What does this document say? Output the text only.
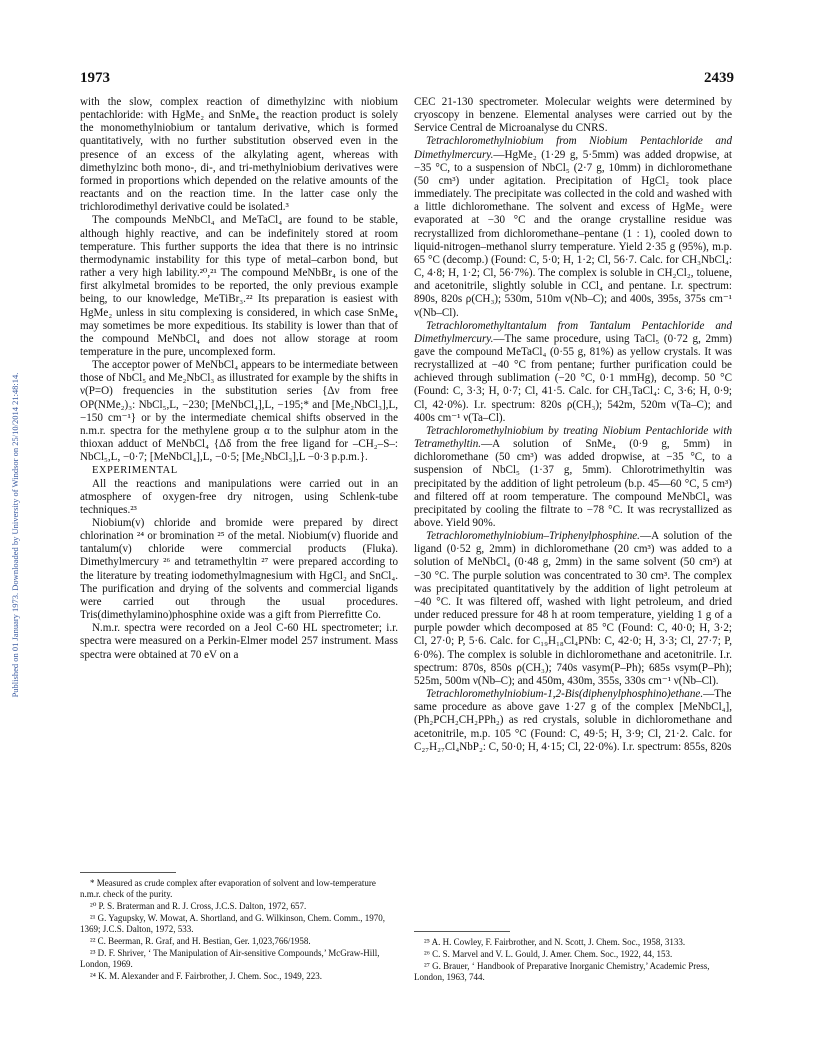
1973	2439
Published on 01 January 1973. Downloaded by University of Windsor on 25/10/2014 21:48:14.

with the slow, complex reaction of dimethylzinc with niobium pentachloride: with HgMe₂ and SnMe₄ the reaction product is solely the monomethylniobium or tantalum derivative, which is formed quantitatively, with no further substitution observed even in the presence of an excess of the alkylating agent, whereas with dimethylzinc both mono-, di-, and tri-methylniobium derivatives were formed in proportions which depended on the relative amounts of the reactants and on the reaction time. In the latter case only the trichlorodimethyl derivative could be isolated.³

The compounds MeNbCl₄ and MeTaCl₄ are found to be stable, although highly reactive, and can be indefinitely stored at room temperature. This further supports the idea that there is no intrinsic thermodynamic instability for this type of metal–carbon bond, but rather a very high lability.²⁰,²¹ The compound MeNbBr₄ is one of the first alkylmetal bromides to be reported, the only previous example being, to our knowledge, MeTiBr₃.²² Its preparation is easiest with HgMe₂ unless in situ complexing is considered, in which case SnMe₄ may sometimes be more expeditious. Its stability is lower than that of the compound MeNbCl₄ and does not allow storage at room temperature in the pure, uncomplexed form.

The acceptor power of MeNbCl₄ appears to be intermediate between those of NbCl₅ and Me₂NbCl₃ as illustrated for example by the shifts in ν(P=O) frequencies in the substitution series {Δν from free OP(NMe₂)₃: NbCl₅,L, −230; [MeNbCl₄],L, −195;* and [Me₂NbCl₃],L, −150 cm⁻¹} or by the intermediate chemical shifts observed in the n.m.r. spectra for the methylene group α to the sulphur atom in the thioxan adduct of MeNbCl₄ {Δδ from the free ligand for –CH₂–S–: NbCl₅,L, −0·7; [MeNbCl₄],L, −0·5; [Me₂NbCl₃],L −0·3 p.p.m.}.

EXPERIMENTAL

All the reactions and manipulations were carried out in an atmosphere of oxygen-free dry nitrogen, using Schlenk-tube techniques.²³

Niobium(v) chloride and bromide were prepared by direct chlorination ²⁴ or bromination ²⁵ of the metal. Niobium(v) fluoride and tantalum(v) chloride were commercial products (Fluka). Dimethylmercury ²⁶ and tetramethyltin ²⁷ were prepared according to the literature by treating iodomethylmagnesium with HgCl₂ and SnCl₄. The purification and drying of the solvents and commercial ligands were carried out through the usual procedures. Tris(dimethylamino)phosphine oxide was a gift from Pierrefitte Co.

N.m.r. spectra were recorded on a Jeol C-60 HL spectrometer; i.r. spectra were measured on a Perkin-Elmer model 257 instrument. Mass spectra were obtained at 70 eV on a

CEC 21-130 spectrometer. Molecular weights were determined by cryoscopy in benzene. Elemental analyses were carried out by the Service Central de Microanalyse du CNRS.

Tetrachloromethylniobium from Niobium Pentachloride and Dimethylmercury.—HgMe₂ (1·29 g, 5·5mm) was added dropwise, at −35 °C, to a suspension of NbCl₅ (2·7 g, 10mm) in dichloromethane (50 cm³) under agitation. Precipitation of HgCl₂ took place immediately. The precipitate was collected in the cold and washed with a little dichloromethane. The solvent and excess of HgMe₂ were evaporated at −30 °C and the orange crystalline residue was recrystallized from dichloromethane–pentane (1 : 1), cooled down to liquid-nitrogen–methanol slurry temperature. Yield 2·35 g (95%), m.p. 65 °C (decomp.) (Found: C, 5·0; H, 1·2; Cl, 56·7. Calc. for CH₃NbCl₄: C, 4·8; H, 1·2; Cl, 56·7%). The complex is soluble in CH₂Cl₂, toluene, and acetonitrile, slightly soluble in CCl₄ and pentane. I.r. spectrum: 890s, 820s ρ(CH₃); 530m, 510m ν(Nb–C); and 400s, 395s, 375s cm⁻¹ ν(Nb–Cl).

Tetrachloromethyltantalum from Tantalum Pentachloride and Dimethylmercury.—The same procedure, using TaCl₅ (0·72 g, 2mm) gave the compound MeTaCl₄ (0·55 g, 81%) as yellow crystals. It was recrystallized at −40 °C from pentane; further purification could be achieved through sublimation (−20 °C, 0·1 mmHg), decomp. 50 °C (Found: C, 3·3; H, 0·7; Cl, 41·5. Calc. for CH₃TaCl₄: C, 3·6; H, 0·9; Cl, 42·0%). I.r. spectrum: 820s ρ(CH₃); 542m, 520m ν(Ta–C); and 400s cm⁻¹ ν(Ta–Cl).

Tetrachloromethylniobium by treating Niobium Pentachloride with Tetramethyltin.—A solution of SnMe₄ (0·9 g, 5mm) in dichloromethane (50 cm³) was added dropwise, at −35 °C, to a suspension of NbCl₅ (1·37 g, 5mm). Chlorotrimethyltin was precipitated by the addition of light petroleum (b.p. 45—60 °C, 5 cm³) and filtered off at room temperature. The compound MeNbCl₄ was precipitated by cooling the filtrate to −78 °C. It was recrystallized as above. Yield 90%.

Tetrachloromethylniobium–Triphenylphosphine.—A solution of the ligand (0·52 g, 2mm) in dichloromethane (20 cm³) was added to a solution of MeNbCl₄ (0·48 g, 2mm) in the same solvent (50 cm³) at −30 °C. The purple solution was concentrated to 30 cm³. The complex was precipitated quantitatively by the addition of light petroleum at −40 °C. It was filtered off, washed with light petroleum, and dried under reduced pressure for 48 h at room temperature, yielding 1 g of a purple powder which decomposed at 85 °C (Found: C, 40·0; H, 3·2; Cl, 27·0; P, 5·6. Calc. for C₁₉H₁₈Cl₄PNb: C, 42·0; H, 3·3; Cl, 27·7; P, 6·0%). The complex is soluble in dichloromethane and acetonitrile. I.r. spectrum: 870s, 850s ρ(CH₃); 740s νasym(P–Ph); 685s νsym(P–Ph); 525m, 500m ν(Nb–C); and 450m, 430m, 355s, 330s cm⁻¹ ν(Nb–Cl).

Tetrachloromethylniobium-1,2-Bis(diphenylphosphino)ethane.—The same procedure as above gave 1·27 g of the complex [MeNbCl₄],(Ph₂PCH₂CH₂PPh₂) as red crystals, soluble in dichloromethane and acetonitrile, m.p. 105 °C (Found: C, 49·5; H, 3·9; Cl, 21·2. Calc. for C₂₇H₂₇Cl₄NbP₂: C, 50·0; H, 4·15; Cl, 22·0%). I.r. spectrum: 855s, 820s

* Measured as crude complex after evaporation of solvent and low-temperature n.m.r. check of the purity.

²⁰ P. S. Braterman and R. J. Cross, J.C.S. Dalton, 1972, 657.

²¹ G. Yagupsky, W. Mowat, A. Shortland, and G. Wilkinson, Chem. Comm., 1970, 1369; J.C.S. Dalton, 1972, 533.

²² C. Beerman, R. Graf, and H. Bestian, Ger. 1,023,766/1958.

²³ D. F. Shriver, ‘ The Manipulation of Air-sensitive Compounds,’ McGraw-Hill, London, 1969.

²⁴ K. M. Alexander and F. Fairbrother, J. Chem. Soc., 1949, 223.

²⁵ A. H. Cowley, F. Fairbrother, and N. Scott, J. Chem. Soc., 1958, 3133.

²⁶ C. S. Marvel and V. L. Gould, J. Amer. Chem. Soc., 1922, 44, 153.

²⁷ G. Brauer, ‘ Handbook of Preparative Inorganic Chemistry,’ Academic Press, London, 1963, 744.
